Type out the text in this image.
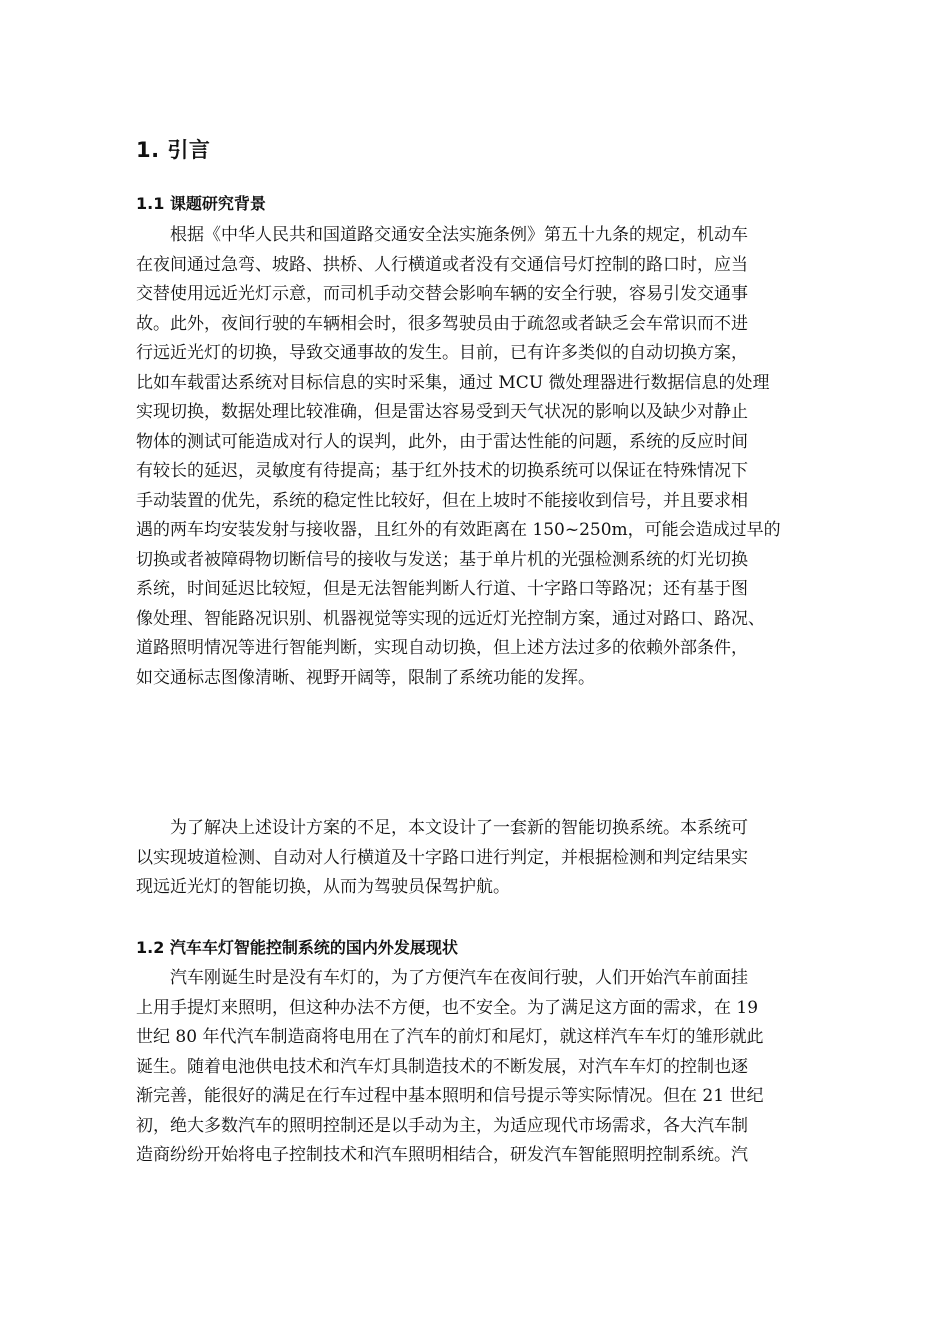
1. 引言
1.1 课题研究背景

　　根据《中华人民共和国道路交通安全法实施条例》第五十九条的规定，机动车
在夜间通过急弯、坡路、拱桥、人行横道或者没有交通信号灯控制的路口时，应当
交替使用远近光灯示意，而司机手动交替会影响车辆的安全行驶，容易引发交通事
故。此外，夜间行驶的车辆相会时，很多驾驶员由于疏忽或者缺乏会车常识而不进
行远近光灯的切换，导致交通事故的发生。目前，已有许多类似的自动切换方案，
比如车载雷达系统对目标信息的实时采集，通过 MCU 微处理器进行数据信息的处理
实现切换，数据处理比较准确，但是雷达容易受到天气状况的影响以及缺少对静止
物体的测试可能造成对行人的误判，此外，由于雷达性能的问题，系统的反应时间
有较长的延迟，灵敏度有待提高；基于红外技术的切换系统可以保证在特殊情况下
手动装置的优先，系统的稳定性比较好，但在上坡时不能接收到信号，并且要求相
遇的两车均安装发射与接收器，且红外的有效距离在 150~250m，可能会造成过早的
切换或者被障碍物切断信号的接收与发送；基于单片机的光强检测系统的灯光切换
系统，时间延迟比较短，但是无法智能判断人行道、十字路口等路况；还有基于图
像处理、智能路况识别、机器视觉等实现的远近灯光控制方案，通过对路口、路况、
道路照明情况等进行智能判断，实现自动切换，但上述方法过多的依赖外部条件，
如交通标志图像清晰、视野开阔等，限制了系统功能的发挥。

　　为了解决上述设计方案的不足，本文设计了一套新的智能切换系统。本系统可
以实现坡道检测、自动对人行横道及十字路口进行判定，并根据检测和判定结果实
现远近光灯的智能切换，从而为驾驶员保驾护航。

1.2 汽车车灯智能控制系统的国内外发展现状

　　汽车刚诞生时是没有车灯的，为了方便汽车在夜间行驶，人们开始汽车前面挂
上用手提灯来照明，但这种办法不方便，也不安全。为了满足这方面的需求，在 19
世纪 80 年代汽车制造商将电用在了汽车的前灯和尾灯，就这样汽车车灯的雏形就此
诞生。随着电池供电技术和汽车灯具制造技术的不断发展，对汽车车灯的控制也逐
渐完善，能很好的满足在行车过程中基本照明和信号提示等实际情况。但在 21 世纪
初，绝大多数汽车的照明控制还是以手动为主，为适应现代市场需求，各大汽车制
造商纷纷开始将电子控制技术和汽车照明相结合，研发汽车智能照明控制系统。汽
